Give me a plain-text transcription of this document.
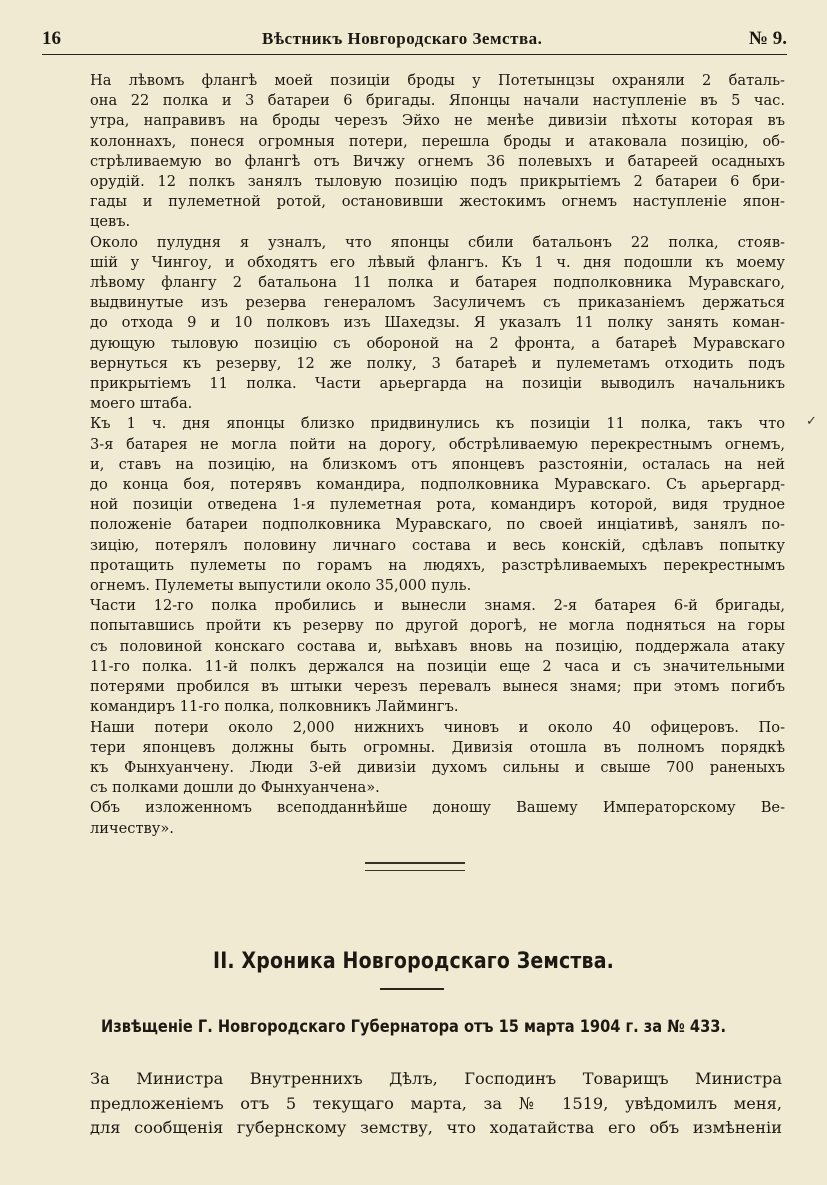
16	Вѣстникъ Новгородскаго Земства.	№ 9.

На лѣвомъ флангѣ моей позиціи броды у Потетынцзы охраняли 2 баталь-
она 22 полка и 3 батареи 6 бригады. Японцы начали наступленіе въ 5 час.
утра, направивъ на броды черезъ Эйхо не менѣе дивизіи пѣхоты которая въ
колоннахъ, понеся огромныя потери, перешла броды и атаковала позицію, об-
стрѣливаемую во флангѣ отъ Вичжу огнемъ 36 полевыхъ и батареей осадныхъ
орудій. 12 полкъ занялъ тыловую позицію подъ прикрытіемъ 2 батареи 6 бри-
гады и пулеметной ротой, остановивши жестокимъ огнемъ наступленіе япон-
цевъ.

Около пулудня я узналъ, что японцы сбили батальонъ 22 полка, стояв-
шій у Чингоу, и обходятъ его лѣвый флангъ. Къ 1 ч. дня подошли къ моему
лѣвому флангу 2 батальона 11 полка и батарея подполковника Муравскаго,
выдвинутые изъ резерва генераломъ Засуличемъ съ приказаніемъ держаться
до отхода 9 и 10 полковъ изъ Шахедзы. Я указалъ 11 полку занять коман-
дующую тыловую позицію съ обороной на 2 фронта, а батареѣ Муравскаго
вернуться къ резерву, 12 же полку, 3 батареѣ и пулеметамъ отходить подъ
прикрытіемъ 11 полка. Части арьергарда на позиціи выводилъ начальникъ
моего штаба.

Къ 1 ч. дня японцы близко придвинулись къ позиціи 11 полка, такъ что
3-я батарея не могла пойти на дорогу, обстрѣливаемую перекрестнымъ огнемъ,
и, ставъ на позицію, на близкомъ отъ японцевъ разстояніи, осталась на ней
до конца боя, потерявъ командира, подполковника Муравскаго. Съ арьергард-
ной позиціи отведена 1-я пулеметная рота, командиръ которой, видя трудное
положеніе батареи подполковника Муравскаго, по своей инціативѣ, занялъ по-
зицію, потерялъ половину личнаго состава и весь конскій, сдѣлавъ попытку
протащить пулеметы по горамъ на людяхъ, разстрѣливаемыхъ перекрестнымъ
огнемъ. Пулеметы выпустили около 35,000 пуль.

Части 12-го полка пробились и вынесли знамя. 2-я батарея 6-й бригады,
попытавшись пройти къ резерву по другой дорогѣ, не могла подняться на горы
съ половиной конскаго состава и, выѣхавъ вновь на позицію, поддержала атаку
11-го полка. 11-й полкъ держался на позиціи еще 2 часа и съ значительными
потерями пробился въ штыки черезъ перевалъ вынеся знамя; при этомъ погибъ
командиръ 11-го полка, полковникъ Лаймингъ.

Наши потери около 2,000 нижнихъ чиновъ и около 40 офицеровъ. По-
тери японцевъ должны быть огромны. Дивизія отошла въ полномъ порядкѣ
къ Фынхуанчену. Люди 3-ей дивизіи духомъ сильны и свыше 700 раненыхъ
съ полками дошли до Фынхуанчена».

Объ изложенномъ всеподданнѣйше доношу Вашему Императорскому Ве-
личеству».

✓
II. Хроника Новгородскаго Земства.
Извѣщеніе Г. Новгородскаго Губернатора отъ 15 марта 1904 г. за № 433.

За Министра Внутреннихъ Дѣлъ, Господинъ Товарищъ Министра
предложеніемъ отъ 5 текущаго марта, за № 1519, увѣдомилъ меня,
для сообщенія губернскому земству, что ходатайства его объ измѣненіи
